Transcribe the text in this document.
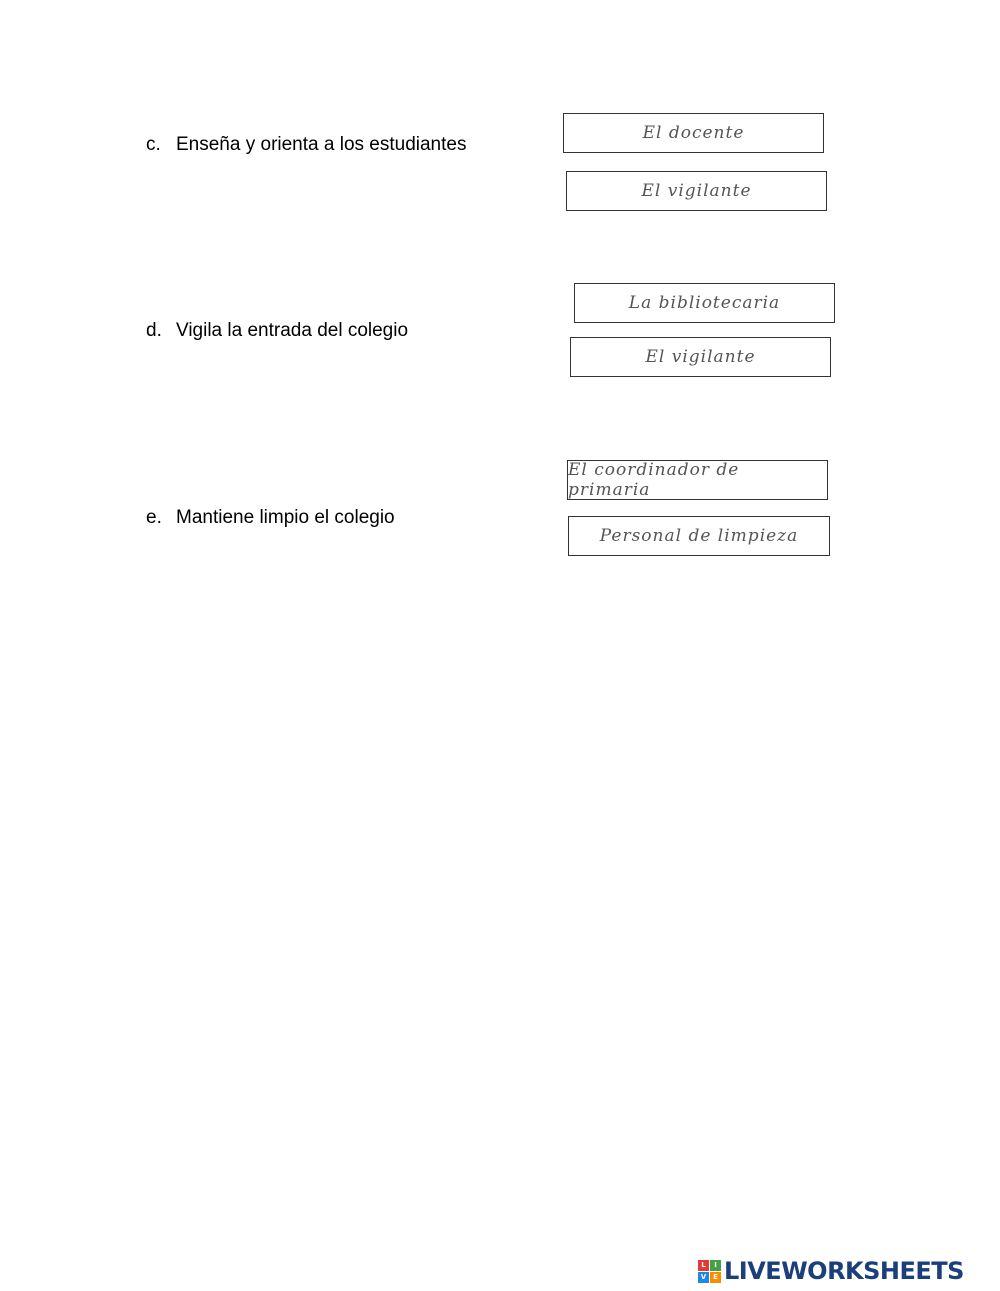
c. Enseña y orienta a los estudiantes
El docente
El vigilante
d. Vigila la entrada del colegio
La bibliotecaria
El vigilante
e. Mantiene limpio el colegio
El coordinador de primaria
Personal de limpieza
L	I
V E LIVEWORKSHEETS
